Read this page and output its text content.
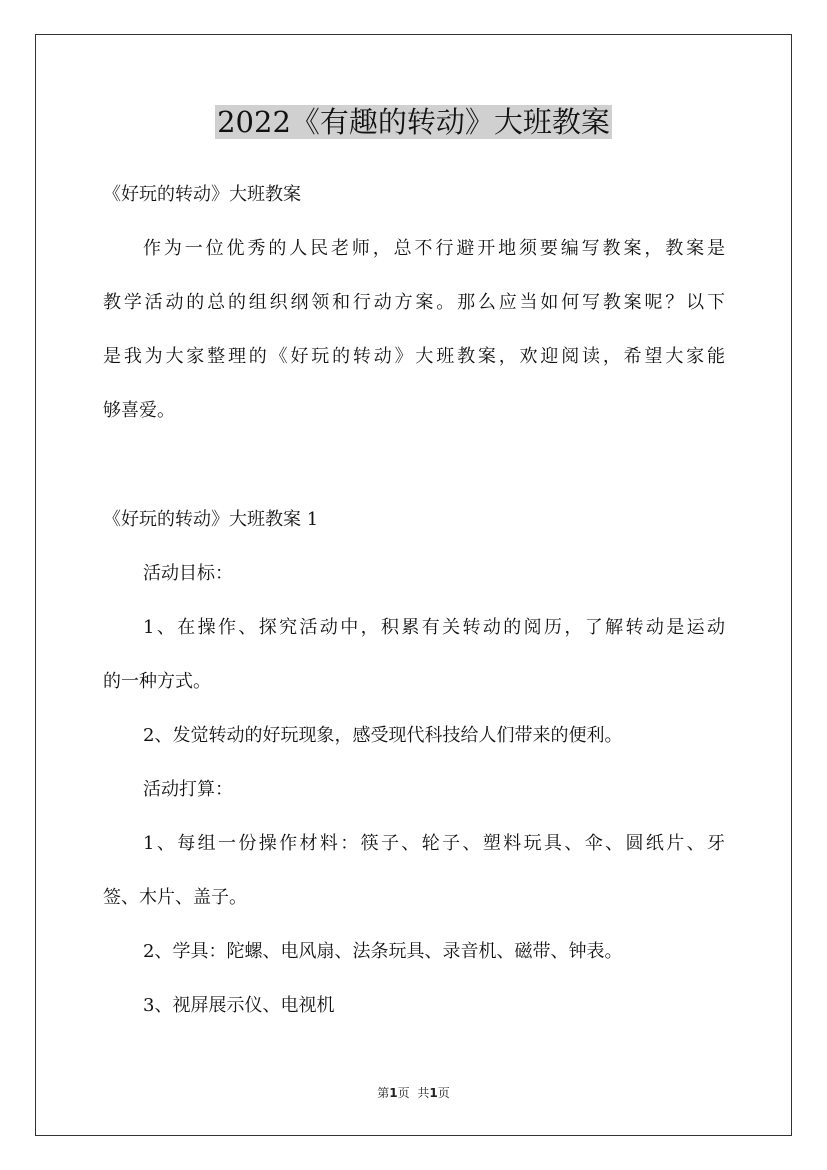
2022《有趣的转动》大班教案

《好玩的转动》大班教案

作为一位优秀的人民老师，总不行避开地须要编写教案，教案是

教学活动的总的组织纲领和行动方案。那么应当如何写教案呢？以下

是我为大家整理的《好玩的转动》大班教案，欢迎阅读，希望大家能

够喜爱。

《好玩的转动》大班教案 1

活动目标：

1、在操作、探究活动中，积累有关转动的阅历，了解转动是运动

的一种方式。

2、发觉转动的好玩现象，感受现代科技给人们带来的便利。

活动打算：

1、每组一份操作材料：筷子、轮子、塑料玩具、伞、圆纸片、牙

签、木片、盖子。

2、学具：陀螺、电风扇、法条玩具、录音机、磁带、钟表。

3、视屏展示仪、电视机

第1页 共1页
